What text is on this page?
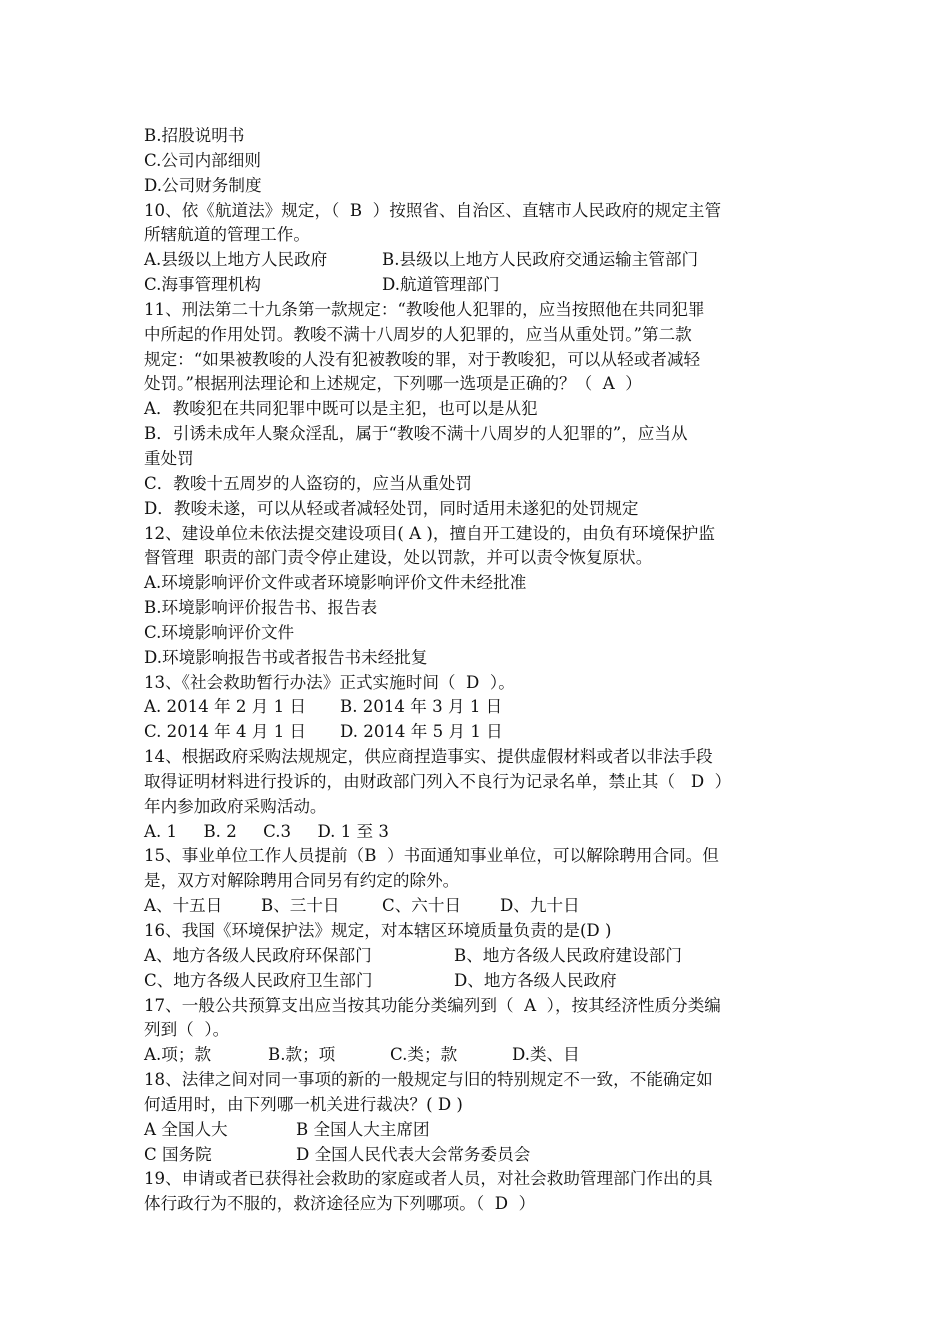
B.招股说明书
C.公司内部细则
D.公司财务制度
10、依《航道法》规定，（  B  ）按照省、自治区、直辖市人民政府的规定主管
所辖航道的管理工作。
A.县级以上地方人民政府	B.县级以上地方人民政府交通运输主管部门
C.海事管理机构	D.航道管理部门
11、刑法第二十九条第一款规定：“教唆他人犯罪的，应当按照他在共同犯罪
中所起的作用处罚。教唆不满十八周岁的人犯罪的，应当从重处罚。”第二款
规定：“如果被教唆的人没有犯被教唆的罪，对于教唆犯，可以从轻或者减轻
处罚。”根据刑法理论和上述规定，下列哪一选项是正确的？（  A  ）
A．教唆犯在共同犯罪中既可以是主犯，也可以是从犯
B．引诱未成年人聚众淫乱，属于“教唆不满十八周岁的人犯罪的”，应当从
重处罚
C．教唆十五周岁的人盗窃的，应当从重处罚
D．教唆未遂，可以从轻或者减轻处罚，同时适用未遂犯的处罚规定
12、建设单位未依法提交建设项目( A )，擅自开工建设的，由负有环境保护监
督管理  职责的部门责令停止建设，处以罚款，并可以责令恢复原状。
A.环境影响评价文件或者环境影响评价文件未经批准
B.环境影响评价报告书、报告表
C.环境影响评价文件
D.环境影响报告书或者报告书未经批复
13、《社会救助暂行办法》正式实施时间（  D  ）。
A. 2014 年 2 月 1 日 B. 2014 年 3 月 1 日
C. 2014 年 4 月 1 日 D. 2014 年 5 月 1 日
14、根据政府采购法规规定，供应商捏造事实、提供虚假材料或者以非法手段
取得证明材料进行投诉的，由财政部门列入不良行为记录名单，禁止其（   D  ）
年内参加政府采购活动。
A. 1     B. 2     C.3     D. 1 至 3
15、事业单位工作人员提前（B  ）书面通知事业单位，可以解除聘用合同。但
是，双方对解除聘用合同另有约定的除外。
A、十五日 B、三十日	C、六十日 D、九十日
16、我国《环境保护法》规定，对本辖区环境质量负责的是(D )
A、地方各级人民政府环保部门	B、地方各级人民政府建设部门
C、地方各级人民政府卫生部门	D、地方各级人民政府
17、一般公共预算支出应当按其功能分类编列到（  A  ），按其经济性质分类编
列到（  ）。
A.项；款	B.款；项	C.类；款	D.类、目
18、法律之间对同一事项的新的一般规定与旧的特别规定不一致，不能确定如
何适用时，由下列哪一机关进行裁决？( D )
A 全国人大	B 全国人大主席团
C 国务院	D 全国人民代表大会常务委员会
19、申请或者已获得社会救助的家庭或者人员，对社会救助管理部门作出的具
体行政行为不服的，救济途径应为下列哪项。（  D  ）
